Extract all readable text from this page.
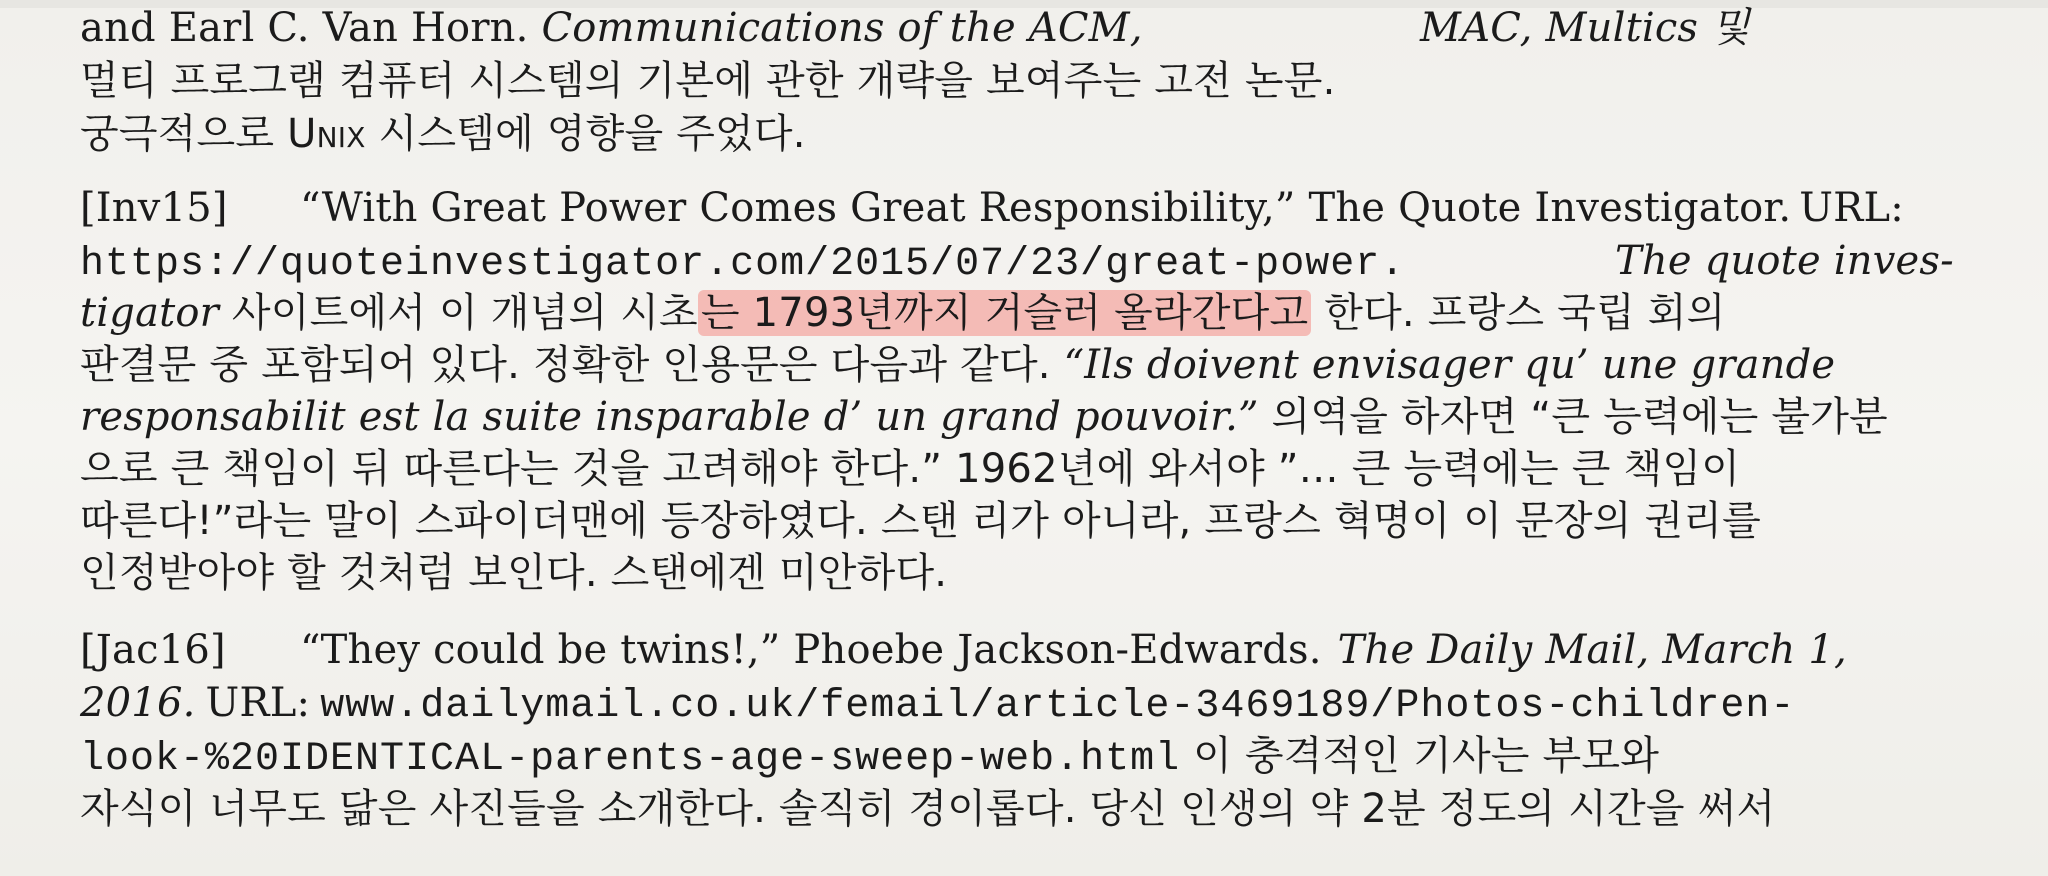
and Earl C. Van Horn. Communications of the ACM,	MAC, Multics 및
멀티 프로그램 컴퓨터 시스템의 기본에 관한 개략을 보여주는 고전 논문.
궁극적으로 Unix 시스템에 영향을 주었다.
[Inv15] “With Great Power Comes Great Responsibility,” The Quote Investigator. URL:
https://quoteinvestigator.com/2015/07/23/great-power.	The quote inves-
tigator 사이트에서 이 개념의 시초는 1793년까지 거슬러 올라간다고 한다. 프랑스 국립 회의
판결문 중 포함되어 있다. 정확한 인용문은 다음과 같다. “Ils doivent envisager qu’ une grande
responsabilit est la suite insparable d’ un grand pouvoir.” 의역을 하자면 “큰 능력에는 불가분
으로 큰 책임이 뒤 따른다는 것을 고려해야 한다.” 1962년에 와서야 ”… 큰 능력에는 큰 책임이
따른다!”라는 말이 스파이더맨에 등장하였다. 스탠 리가 아니라, 프랑스 혁명이 이 문장의 권리를
인정받아야 할 것처럼 보인다. 스탠에겐 미안하다.
[Jac16] “They could be twins!,” Phoebe Jackson-Edwards. The Daily Mail, March 1,
2016. URL: www.dailymail.co.uk/femail/article-3469189/Photos-children-
look-%20IDENTICAL-parents-age-sweep-web.html 이 충격적인 기사는 부모와
자식이 너무도 닮은 사진들을 소개한다. 솔직히 경이롭다. 당신 인생의 약 2분 정도의 시간을 써서
